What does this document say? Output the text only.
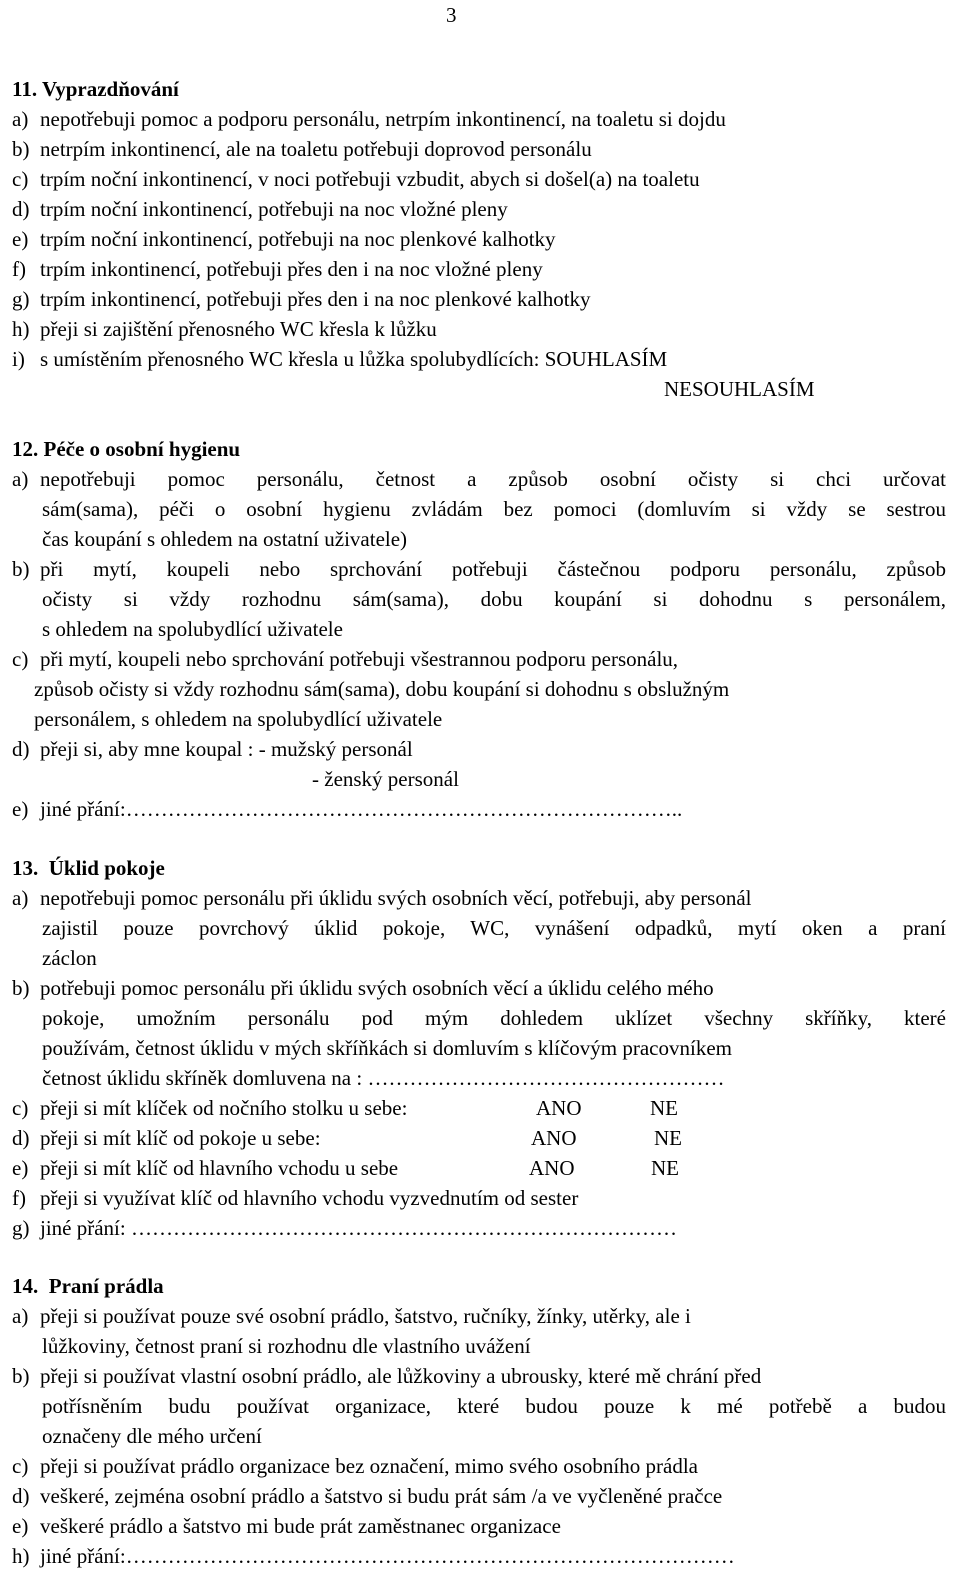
3
11. Vyprazdňování
a) nepotřebuji pomoc a podporu personálu, netrpím inkontinencí, na toaletu si dojdu
b) netrpím inkontinencí, ale na toaletu potřebuji doprovod personálu
c) trpím noční inkontinencí, v noci potřebuji vzbudit, abych si došel(a) na toaletu
d) trpím noční inkontinencí, potřebuji na noc vložné pleny
e) trpím noční inkontinencí, potřebuji na noc plenkové kalhotky
f) trpím inkontinencí, potřebuji přes den i na noc vložné pleny
g) trpím inkontinencí, potřebuji přes den i na noc plenkové kalhotky
h) přeji si zajištění přenosného WC křesla k lůžku
i) s umístěním přenosného WC křesla u lůžka spolubydlících: SOUHLASÍM
NESOUHLASÍM
12. Péče o osobní hygienu
a) nepotřebuji pomoc personálu, četnost a způsob osobní očisty si chci určovat
sám(sama), péči o osobní hygienu zvládám bez pomoci (domluvím si vždy se sestrou
čas koupání s ohledem na ostatní uživatele)
b) při mytí, koupeli nebo sprchování potřebuji částečnou podporu personálu, způsob
očisty si vždy rozhodnu sám(sama), dobu koupání si dohodnu s personálem,
s ohledem na spolubydlící uživatele
c) při mytí, koupeli nebo sprchování potřebuji všestrannou podporu personálu,
způsob očisty si vždy rozhodnu sám(sama), dobu koupání si dohodnu s obslužným
personálem, s ohledem na spolubydlící uživatele
d) přeji si, aby mne koupal : - mužský personál
- ženský personál
e) jiné přání:……………………………………………………………………..
13. Úklid pokoje
a) nepotřebuji pomoc personálu při úklidu svých osobních věcí, potřebuji, aby personál
zajistil pouze povrchový úklid pokoje, WC, vynášení odpadků, mytí oken a praní
záclon
b) potřebuji pomoc personálu při úklidu svých osobních věcí a úklidu celého mého
pokoje, umožním personálu pod mým dohledem uklízet všechny skříňky, které
používám, četnost úklidu v mých skříňkách si domluvím s klíčovým pracovníkem
četnost úklidu skříněk domluvena na : ……………………………………………
c) přeji si mít klíček od nočního stolku u sebe:	ANO	NE
d) přeji si mít klíč od pokoje u sebe:	ANO	NE
e) přeji si mít klíč od hlavního vchodu u sebe	ANO	NE
f) přeji si využívat klíč od hlavního vchodu vyzvednutím od sester
g) jiné přání: ……………………………………………………………………
14. Praní prádla
a) přeji si používat pouze své osobní prádlo, šatstvo, ručníky, žínky, utěrky, ale i
lůžkoviny, četnost praní si rozhodnu dle vlastního uvážení
b) přeji si používat vlastní osobní prádlo, ale lůžkoviny a ubrousky, které mě chrání před
potřísněním budu používat organizace, které budou pouze k mé potřebě a budou
označeny dle mého určení
c) přeji si používat prádlo organizace bez označení, mimo svého osobního prádla
d) veškeré, zejména osobní prádlo a šatstvo si budu prát sám /a ve vyčleněné pračce
e) veškeré prádlo a šatstvo mi bude prát zaměstnanec organizace
h) jiné přání:……………………………………………………………………………
